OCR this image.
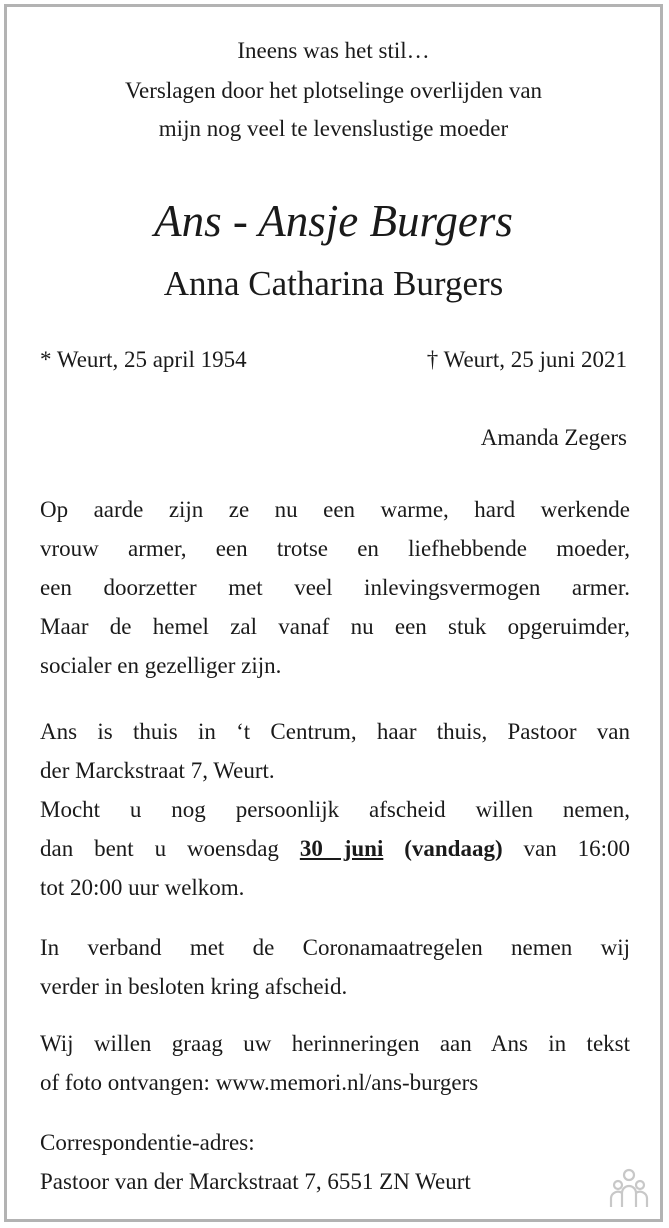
Ineens was het stil…
Verslagen door het plotselinge overlijden van
mijn nog veel te levenslustige moeder
Ans - Ansje Burgers
Anna Catharina Burgers
* Weurt, 25 april 1954	† Weurt, 25 juni 2021
Amanda Zegers
Op aarde zijn ze nu een warme, hard werkende
vrouw armer, een trotse en liefhebbende moeder,
een doorzetter met veel inlevingsvermogen armer.
Maar de hemel zal vanaf nu een stuk opgeruimder,
socialer en gezelliger zijn.
Ans is thuis in ‘t Centrum, haar thuis, Pastoor van
der Marckstraat 7, Weurt.
Mocht u nog persoonlijk afscheid willen nemen,
dan bent u woensdag 30 juni (vandaag) van 16:00
tot 20:00 uur welkom.
In verband met de Coronamaatregelen nemen wij
verder in besloten kring afscheid.
Wij willen graag uw herinneringen aan Ans in tekst
of foto ontvangen: www.memori.nl/ans-burgers
Correspondentie-adres:
Pastoor van der Marckstraat 7, 6551 ZN Weurt
